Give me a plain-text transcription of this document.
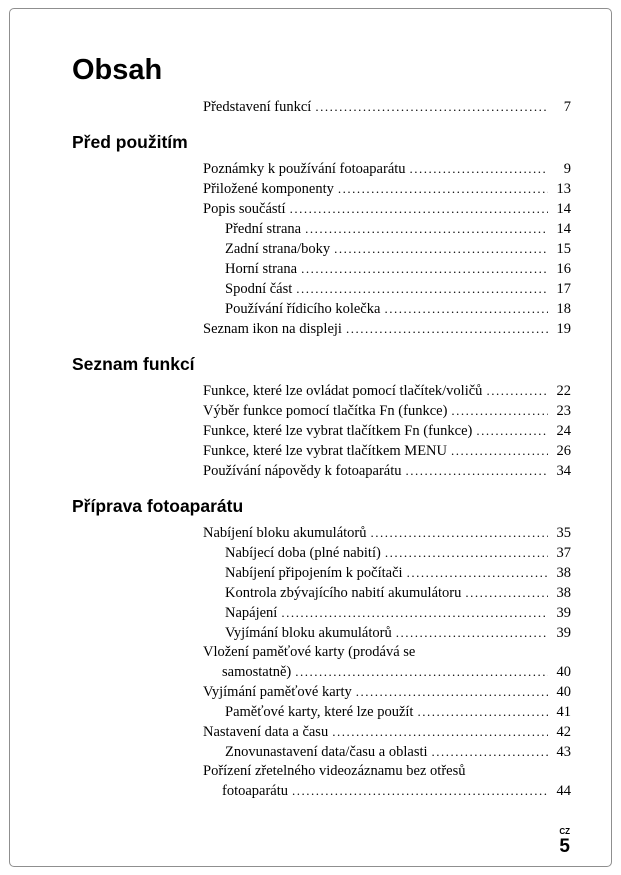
Obsah
Představení funkcí .....	7
Před použitím
Poznámky k používání fotoaparátu .....	9
Přiložené komponenty .....	13
Popis součástí .....	14
Přední strana .....	14
Zadní strana/boky .....	15
Horní strana .....	16
Spodní část .....	17
Používání řídicího kolečka .....	18
Seznam ikon na displeji .....	19
Seznam funkcí
Funkce, které lze ovládat pomocí tlačítek/voličů .....	22
Výběr funkce pomocí tlačítka Fn (funkce) .....	23
Funkce, které lze vybrat tlačítkem Fn (funkce) .....	24
Funkce, které lze vybrat tlačítkem MENU .....	26
Používání nápovědy k fotoaparátu .....	34
Příprava fotoaparátu
Nabíjení bloku akumulátorů .....	35
Nabíjecí doba (plné nabití) .....	37
Nabíjení připojením k počítači .....	38
Kontrola zbývajícího nabití akumulátoru .....	38
Napájení .....	39
Vyjímání bloku akumulátorů .....	39
Vložení paměťové karty (prodává se
samostatně) .....	40
Vyjímání paměťové karty .....	40
Paměťové karty, které lze použít .....	41
Nastavení data a času .....	42
Znovunastavení data/času a oblasti .....	43
Pořízení zřetelného videozáznamu bez otřesů
fotoaparátu .....	44
CZ
5
